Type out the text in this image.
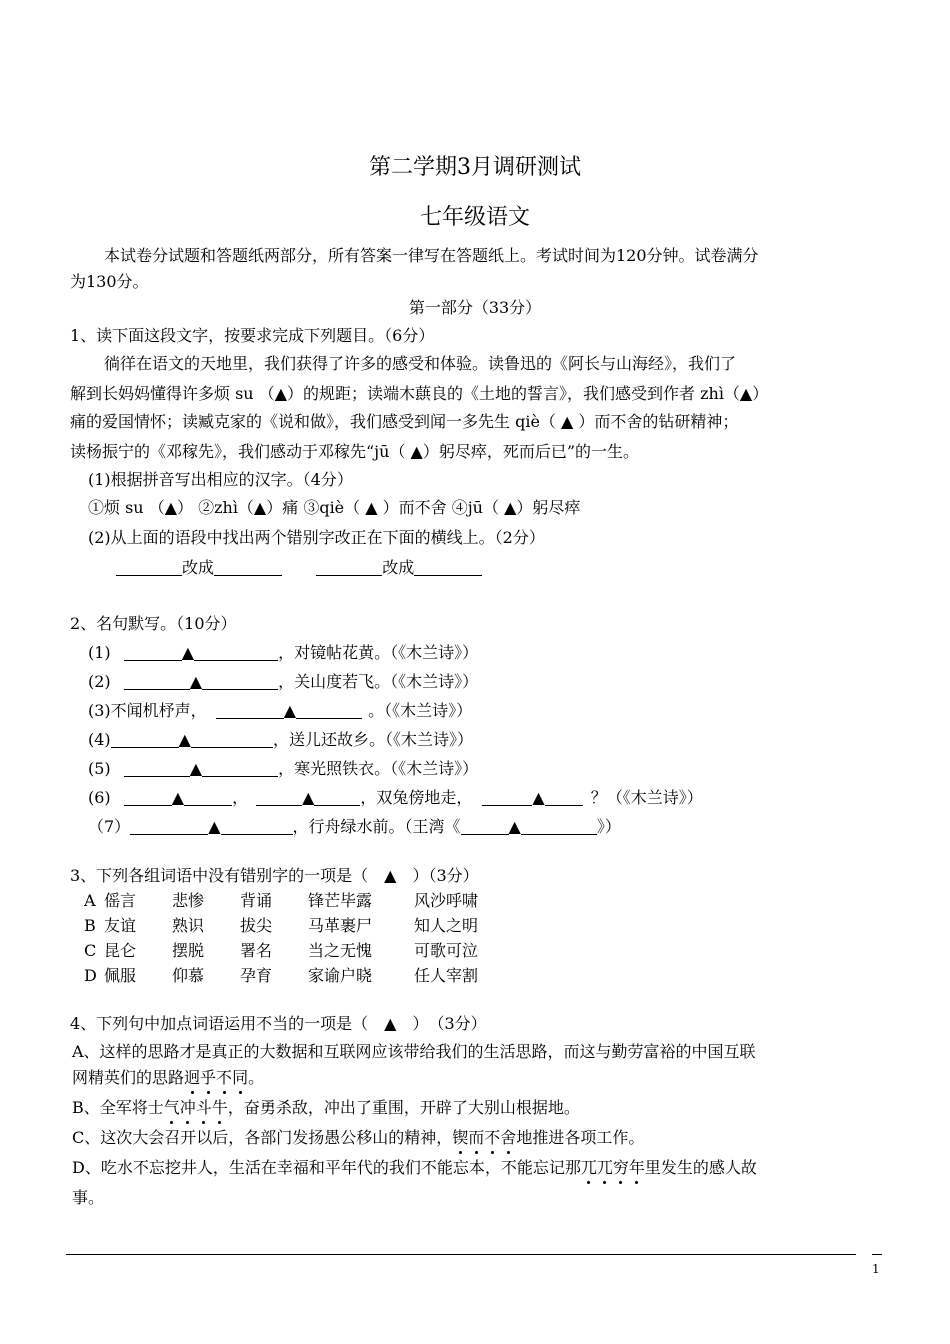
第二学期3月调研测试
七年级语文
本试卷分试题和答题纸两部分，所有答案一律写在答题纸上。考试时间为120分钟。试卷满分
为130分。
第一部分（33分）
1、读下面这段文字，按要求完成下列题目。（6分）
徜徉在语文的天地里，我们获得了许多的感受和体验。读鲁迅的《阿长与山海经》，我们了
解到长妈妈懂得许多烦 su （▲）的规距；读端木蕻良的《土地的誓言》，我们感受到作者 zhì（▲）
痛的爱国情怀；读臧克家的《说和做》，我们感受到闻一多先生 qiè（ ▲ ）而不舍的钻研精神；
读杨振宁的《邓稼先》，我们感动于邓稼先“jū（ ▲）躬尽瘁，死而后已”的一生。
(1)根据拼音写出相应的汉字。（4分）
①烦 su （▲） ②zhì（▲）痛 ③qiè（ ▲ ）而不舍 ④jū（ ▲）躬尽瘁
(2)从上面的语段中找出两个错别字改正在下面的横线上。（2分）
改成	改成
2、名句默写。（10分）
(1)	▲	，对镜帖花黄。（《木兰诗》）
(2)	▲	，关山度若飞。（《木兰诗》）
(3)不闻机杼声，	▲	。（《木兰诗》）
(4)	▲	，送儿还故乡。（《木兰诗》）
(5)	▲	，寒光照铁衣。（《木兰诗》）
(6)	▲	，	▲	，双兔傍地走，	▲	？（《木兰诗》）
（7）	▲	，行舟绿水前。（王湾《	▲	》）
3、下列各组词语中没有错别字的一项是（　▲　）（3分）
A 傜言 悲惨 背诵 锋芒毕露	风沙呼啸
B 友谊 熟识 拔尖 马革裹尸	知人之明
C 昆仑 摆脱 署名 当之无愧	可歌可泣
D 佩服 仰慕 孕育 家谕户晓	任人宰割
4、下列句中加点词语运用不当的一项是（　▲　）　（3分）
A、这样的思路才是真正的大数据和互联网应该带给我们的生活思路，而这与勤劳富裕的中国互联
网精英们的思路迥乎不同。
B、全军将士气冲斗牛，奋勇杀敌，冲出了重围，开辟了大别山根据地。
C、这次大会召开以后，各部门发扬愚公移山的精神，锲而不舍地推进各项工作。
D、吃水不忘挖井人，生活在幸福和平年代的我们不能忘本，不能忘记那兀兀穷年里发生的感人故
事。
1
